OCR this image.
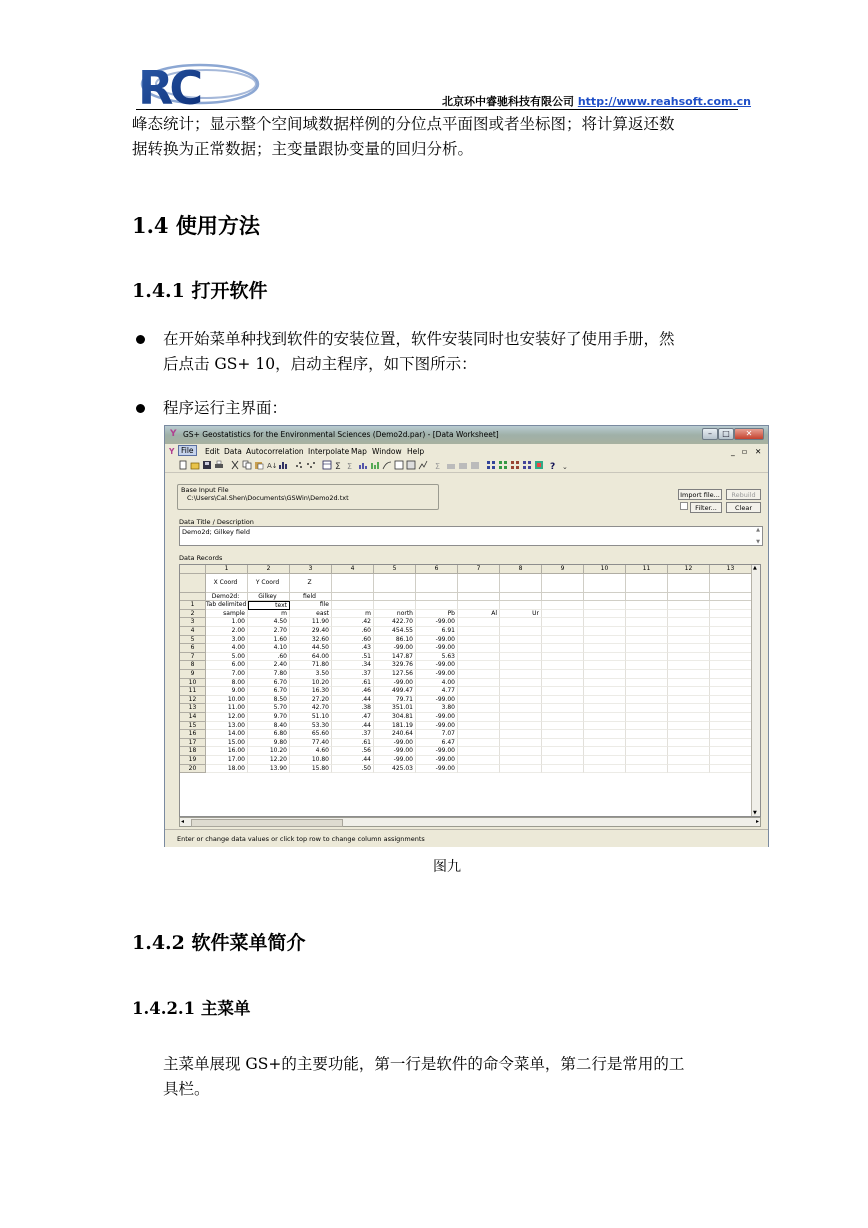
RC	北京环中睿驰科技有限公司 http://www.reahsoft.com.cn
峰态统计；显示整个空间域数据样例的分位点平面图或者坐标图；将计算返还数
据转换为正常数据；主变量跟协变量的回归分析。
1.4 使用方法
1.4.1 打开软件
在开始菜单种找到软件的安装位置，软件安装同时也安装好了使用手册，然
后点击 GS+ 10，启动主程序，如下图所示：
程序运行主界面：
Y GS+ Geostatistics for the Environmental Sciences (Demo2d.par) - [Data Worksheet]	–	□	✕
Y File	Edit Data Autocorrelation Interpolate Map Window Help	_ ▫ ✕
A↓	Σ Σ	Σ	? ⌄
Base Input File
C:\Users\Cal.Shen\Documents\GSWin\Demo2d.txt	Import file...	Rebuild
Filter...	Clear
Data Title / Description
Demo2d; Gilkey field	▲
▼
Data Records
1	2	3	4	5	6	7	8	9	10	11	12	13
X Coord	Y Coord	Z
Demo2d:	Gilkey	field
1	Tab delimited	text	file
2	sample	m	east	m	north	Pb	Al	Ur
3	1.00	4.50	11.90	.42	422.70	-99.00
4	2.00	2.70	29.40	.60	454.55	6.91
5	3.00	1.60	32.60	.60	86.10	-99.00
6	4.00	4.10	44.50	.43	-99.00	-99.00
7	5.00	.60	64.00	.51	147.87	5.63
8	6.00	2.40	71.80	.34	329.76	-99.00
9	7.00	7.80	3.50	.37	127.56	-99.00
10	8.00	6.70	10.20	.61	-99.00	4.00
11	9.00	6.70	16.30	.46	499.47	4.77
12	10.00	8.50	27.20	.44	79.71	-99.00
13	11.00	5.70	42.70	.38	351.01	3.80
14	12.00	9.70	51.10	.47	304.81	-99.00
15	13.00	8.40	53.30	.44	181.19	-99.00
16	14.00	6.80	65.60	.37	240.64	7.07
17	15.00	9.80	77.40	.61	-99.00	6.47
18	16.00	10.20	4.60	.56	-99.00	-99.00
19	17.00	12.20	10.80	.44	-99.00	-99.00
20	18.00	13.90	15.80	.50	425.03	-99.00
▲
▼
◂	▸
Enter or change data values or click top row to change column assignments
图九
1.4.2 软件菜单简介
1.4.2.1 主菜单
主菜单展现 GS+的主要功能，第一行是软件的命令菜单，第二行是常用的工
具栏。
